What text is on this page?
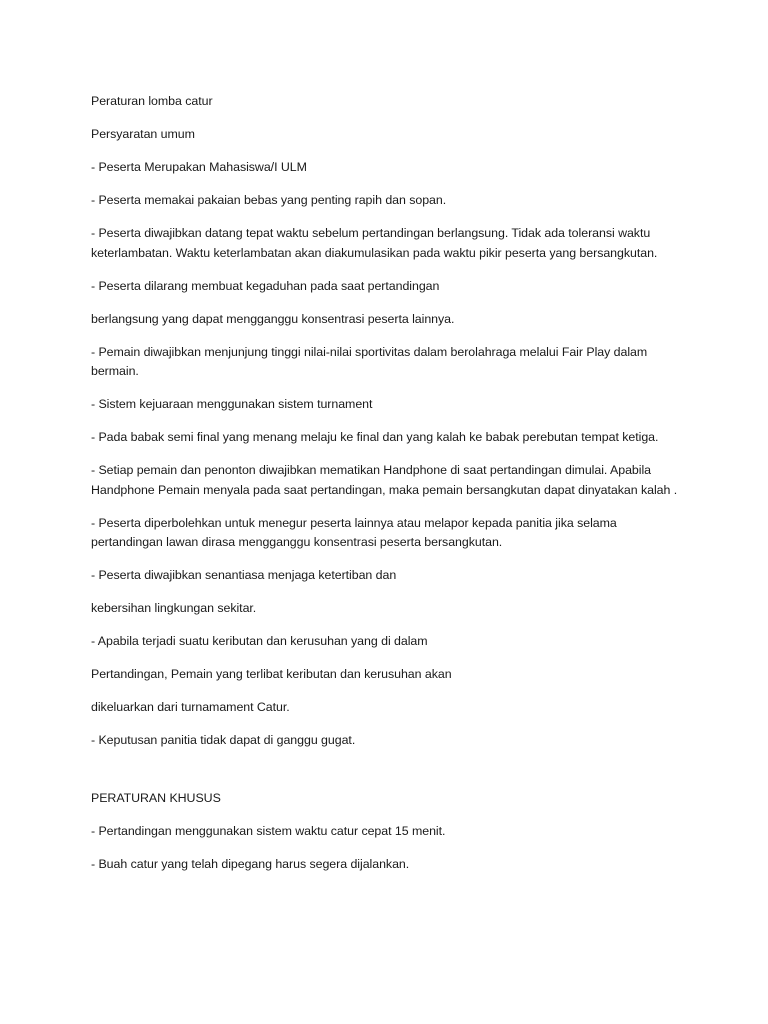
Peraturan lomba catur

Persyaratan umum

- Peserta Merupakan Mahasiswa/I ULM

- Peserta memakai pakaian bebas yang penting rapih dan sopan.

- Peserta diwajibkan datang tepat waktu sebelum pertandingan berlangsung. Tidak ada toleransi waktu keterlambatan. Waktu keterlambatan akan diakumulasikan pada waktu pikir peserta yang bersangkutan.

- Peserta dilarang membuat kegaduhan pada saat pertandingan

berlangsung yang dapat mengganggu konsentrasi peserta lainnya.

- Pemain diwajibkan menjunjung tinggi nilai-nilai sportivitas dalam berolahraga melalui Fair Play dalam bermain.

- Sistem kejuaraan menggunakan sistem turnament

- Pada babak semi final yang menang melaju ke final dan yang kalah ke babak perebutan tempat ketiga.

- Setiap pemain dan penonton diwajibkan mematikan Handphone di saat pertandingan dimulai. Apabila Handphone Pemain menyala pada saat pertandingan, maka pemain bersangkutan dapat dinyatakan kalah .

- Peserta diperbolehkan untuk menegur peserta lainnya atau melapor kepada panitia jika selama pertandingan lawan dirasa mengganggu konsentrasi peserta bersangkutan.

- Peserta diwajibkan senantiasa menjaga ketertiban dan

kebersihan lingkungan sekitar.

- Apabila terjadi suatu keributan dan kerusuhan yang di dalam

Pertandingan, Pemain yang terlibat keributan dan kerusuhan akan

dikeluarkan dari turnamament Catur.

- Keputusan panitia tidak dapat di ganggu gugat.

PERATURAN KHUSUS

- Pertandingan menggunakan sistem waktu catur cepat 15 menit.

- Buah catur yang telah dipegang harus segera dijalankan.
